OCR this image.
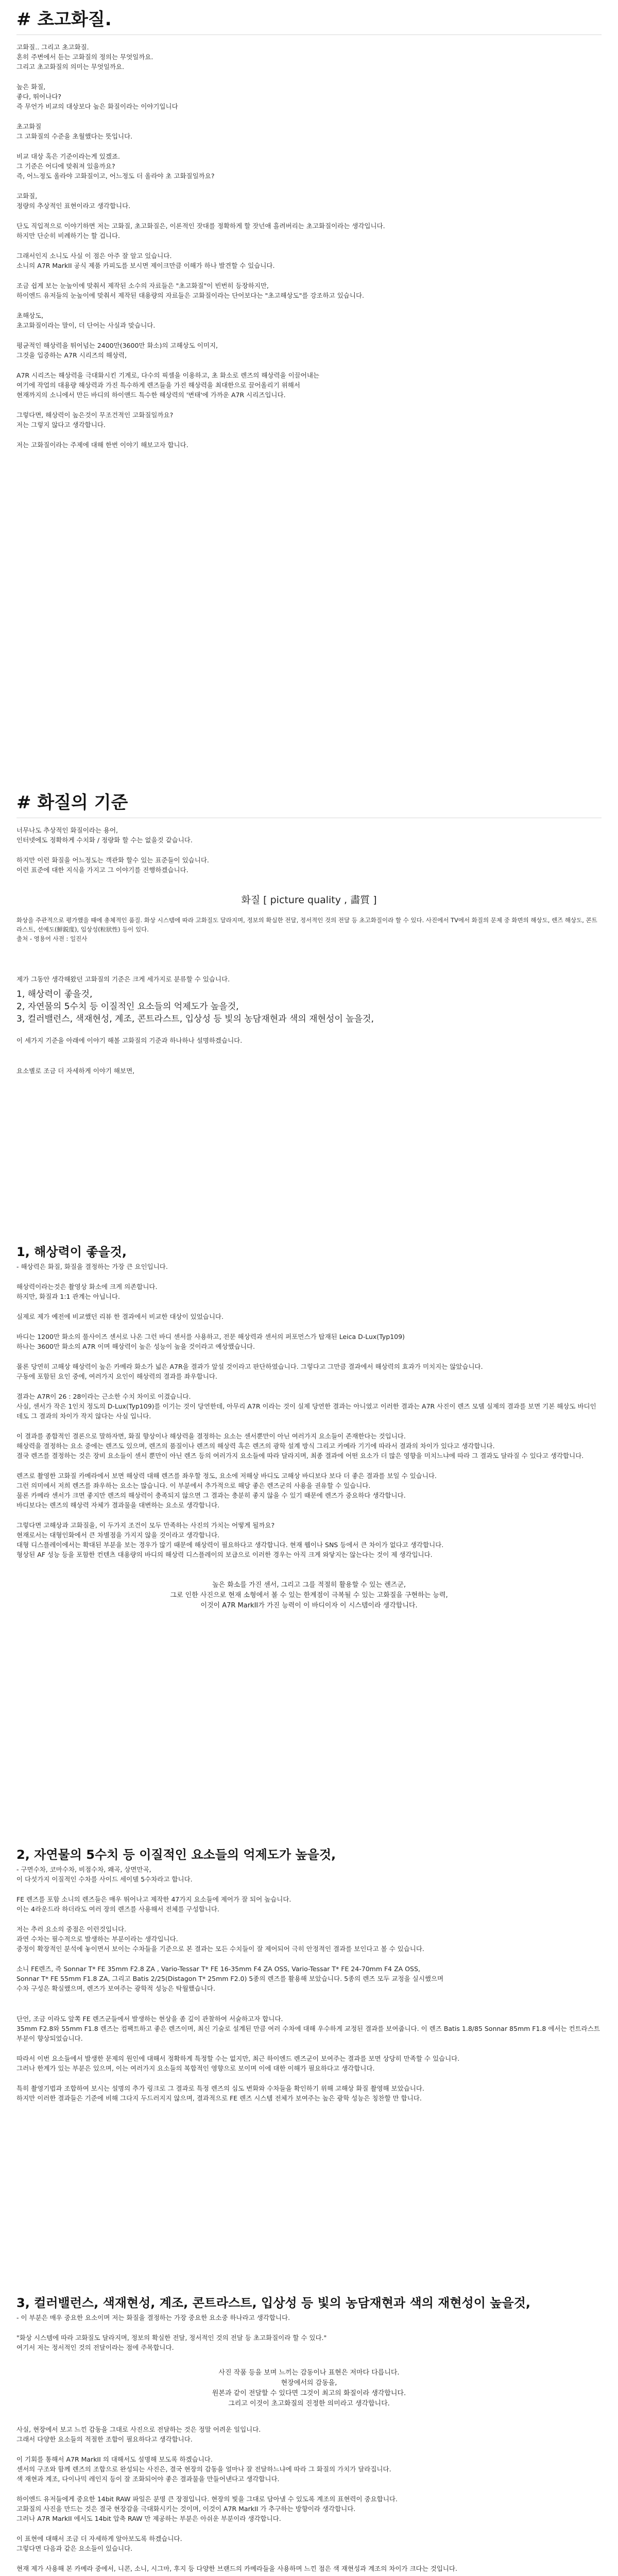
# 초고화질.

고화질.. 그리고 초고화질.
혼히 주변에서 듣는 고화질의 정의는 무엇일까요.
그리고 초고화질의 의미는 무엇일까요.

높은 화질,
좋다, 뛰어나다?
즉 무언가 비교의 대상보다 높은 화질이라는 이야기입니다

초고화질
그 고화질의 수준을 초월했다는 뜻입니다.

비교 대상 혹은 기준이라는게 있겠죠.
그 기준은 어디에 맞춰져 있을까요?
즉, 어느정도 올라야 고화질이고, 어느정도 더 올라야 초 고화질일까요?

고화질,
정량의 추상적인 표현이라고 생각합니다.

단도 직입적으로 이야기하면 저는 고화질, 초고화질은, 이론적인 잣대를 정확하게 할 잣넌애 흘려버리는 초고화질이라는 생각입니다.
하지만 단순히 비례하기는 할 겁니다.

그래서인지 소니도 사실 이 점은 아주 잘 알고 있습니다.
소니의 A7R MarkII 공식 제품 카피도를 보시면 제이크만큼 이해가 하나 발견할 수 있습니다.

조금 쉽게 보는 눈높이에 맞춰서 제작된 소수의 자료들은 "초고화질"이 빈번히 등장하지만,
하이엔드 유저들의 눈높이에 맞춰서 제작된 대용량의 자료들은 고화질이라는 단어보다는 "초고해상도"를 강조하고 있습니다.

초해상도,
초고화질이라는 말이, 더 단어는 사실과 맞습니다.

평균적인 해상력을 뛰어넘는 2400만(3600만 화소)의 고해상도 이미지,
그것을 입증하는 A7R 시리즈의 해상력,

A7R 시리즈는 해상력을 극대화시킨 기계로, 다수의 픽셀을 이용하고, 초 화소로 렌즈의 해상력을 이끌어내는
여기에 작업의 대용량 해상력과 가진 특수하게 렌즈들을 가진 해상력을 최대한으로 끌어올리기 위해서
현재까지의 소니에서 만든 바디의 하이앤드 특수한 해상력의 '변태'에 가까운 A7R 시리즈입니다.

그렇다면, 해상력이 높은것이 무조건적인 고화질일까요?
저는 그렇지 않다고 생각합니다.

저는 고화질이라는 주제에 대해 한번 이야기 해보고자 합니다.

# 화질의 기준

너무나도 추상적인 화질이라는 용어,
인터넷에도 정확하게 수치화 / 정량화 할 수는 없을것 같습니다.

하지만 이런 화질을 어느정도는 객관화 할수 있는 표준들이 있습니다.
이런 표준에 대한 지식을 가지고 그 이야기를 진행하겠습니다.

화질 [ picture quality , 畵質 ]

화상을 주관적으로 평가했을 때에 총체적인 품질. 화상 시스템에 따라 고화질도 달라지며, 정보의 확실한 전달, 정서적인 것의 전달 등 초고화질이라 할 수 있다. 사진에서 TV에서 화질의 문제 중 화면의 해상도, 렌즈 해상도, 콘트라스트, 선예도(鮮鋭度), 입상성(粒狀性) 등이 있다.
출처 - 영용어 사전 : 일진사

제가 그동안 생각해왔던 고화질의 기준은 크게 세가지로 분류할 수 있습니다.

1, 해상력이 좋을것,
2, 자연물의 5수치 등 이질적인 요소들의 억제도가 높을것,
3, 컬러밸런스, 색재현성, 계조, 콘트라스트, 입상성 등 빛의 농담재현과 색의 재현성이 높을것,

이 세가지 기준을 아래에 이야기 해볼 고화질의 기준과 하나하나 설명하겠습니다.

요소별로 조금 더 자세하게 이야기 해보면,

1, 해상력이 좋을것,

- 해상력은 화질, 화질을 결정하는 가장 큰 요인입니다.

해상력이라는것은 촬영상 화소에 크게 의존합니다.
하지만, 화질과 1:1 관계는 아닙니다.

실제로 제가 예전에 비교했던 리뷰 한 결과에서 비교한 대상이 있었습니다.

바디는 1200만 화소의 풀사이즈 센서로 나온 그런 바디 센서를 사용하고, 전문 해상력과 센서의 퍼포먼스가 탑재된 Leica D-Lux(Typ109)
하나는 3600만 화소의 A7R 이며 해상력이 높은 성능이 높을 것이라고 예상했습니다.

몰론 당연히 고해상 해상력이 높은 카메라 화소가 넓은 A7R을 결과가 앞설 것이라고 판단하였습니다. 그렇다고 그만큼 결과에서 해상력의 효과가 미치지는 않았습니다.
구동에 포함된 요인 중에, 여러가지 요인이 해상력의 결과를 좌우합니다.

결과는 A7R이 26 : 28이라는 근소한 수치 차이로 이겼습니다.
사실, 센서가 작은 1인치 정도의 D-Lux(Typ109)를 이기는 것이 당연한데, 아무리 A7R 이라는 것이 실제 당연한 결과는 아니였고 이러한 결과는 A7R 사진이 렌즈 모델 실제의 결과를 보면 기본 해상도 바디인데도 그 결과의 차이가 작지 않다는 사실 입니다.

이 결과를 종합적인 결론으로 말하자면, 화질 향상이나 해상력을 결정하는 요소는 센서뿐만이 아닌 여러가지 요소들이 존재한다는 것입니다.
해상력을 결정하는 요소 중에는 렌즈도 있으며, 렌즈의 품질이나 렌즈의 해상력 혹은 렌즈의 광학 설계 방식 그리고 카메라 기기에 따라서 결과의 차이가 있다고 생각합니다.
결국 렌즈를 결정하는 것은 장비 요소들이 센서 뿐만이 아닌 렌즈 등의 여러가지 요소들에 따라 달라지며, 최종 결과에 어떤 요소가 더 많은 영향을 미치느냐에 따라 그 결과도 달라질 수 있다고 생각합니다.

렌즈로 촬영한 고화질 카메라에서 보면 해상력 대해 렌즈를 좌우할 정도, 요소에 저해상 바디도 고해상 바디보다 보다 더 좋은 결과를 보일 수 있습니다.
그런 의미에서 저희 렌즈를 좌우하는 요소는 많습니다. 이 부분에서 추가적으로 해당 좋은 렌즈군의 사용을 권유할 수 있습니다.
물론 카메라 센서가 크면 좋지만 렌즈의 해상력이 충족되지 않으면 그 결과는 충분히 좋지 않을 수 있기 때문에 렌즈가 중요하다 생각합니다.
바디보다는 렌즈의 해상력 자체가 결과물을 대변하는 요소로 생각합니다.

그렇다면 고해상과 고화질을, 이 두가지 조건이 모두 만족하는 사진의 가치는 어떻게 될까요?
현재로서는 대형인화에서 큰 차별점을 가지지 않을 것이라고 생각합니다.
대형 디스플레이에서는 확대된 부분을 보는 경우가 많기 때문에 해상력이 필요하다고 생각합니다. 현재 웹이나 SNS 등에서 큰 차이가 없다고 생각합니다.
형상된 AF 성능 등을 포함한 컨텐츠 대용량의 바디의 해상력 디스플레이의 보급으로 이러한 경우는 아직 크게 와닿지는 않는다는 것이 제 생각입니다.

높은 화소를 가진 센서, 그리고 그를 적절히 활용할 수 있는 렌즈군,
그로 인한 사진으로 현재 소형에서 볼 수 있는 한계점이 극복될 수 있는 고화질을 구현하는 능력,
이것이 A7R MarkII가 가진 능력이 이 바디이자 이 시스템이라 생각합니다.
2, 자연물의 5수치 등 이질적인 요소들의 억제도가 높을것,

- 구면수차, 코마수차, 비점수차, 왜곡, 상면만곡,
이 다섯가지 이질적인 수차를 사이드 세이델 5수차라고 합니다.

FE 렌즈를 포함 소니의 렌즈들은 매우 뛰어나고 제작한 47가지 요소들에 제어가 잘 되어 높습니다.
이는 4라운드라 하더라도 여러 장의 렌즈를 사용해서 전체를 구성합니다.

저는 추러 요소의 중점은 이런것입니다.
과연 수차는 필수적으로 발생하는 부분이라는 생각입니다.
중정이 확장적인 분석에 놓이면서 보이는 수차들을 기준으로 본 결과는 모든 수치들이 잘 제어되어 극히 안정적인 결과를 보인다고 볼 수 있습니다.

소니 FE렌즈, 즉 Sonnar T* FE 35mm F2.8 ZA , Vario-Tessar T* FE 16-35mm F4 ZA OSS, Vario-Tessar T* FE 24-70mm F4 ZA OSS,
Sonnar T* FE 55mm F1.8 ZA, 그리고 Batis 2/25(Distagon T* 25mm F2.0) 5종의 렌즈를 활용해 보았습니다. 5종의 렌즈 모두 교정을 실시했으며
수차 구성은 확실했으며, 렌즈가 보여주는 광학적 성능은 탁월했습니다.

단언, 조금 이라도 앞쪽 FE 렌즈군들에서 발생하는 현상을 좀 깊이 관찰하여 서술하고자 합니다.
35mm F2.8와 55mm F1.8 렌즈는 컴팩트하고 좋은 렌즈이며, 최신 기술로 설계된 만큼 여러 수차에 대해 우수하게 교정된 결과를 보여줍니다. 이 렌즈 Batis 1.8/85 Sonnar 85mm F1.8 에서는 컨트라스트 부분이 향상되었습니다.

따라서 이번 요소들에서 발생한 문제의 원인에 대해서 정확하게 특정할 수는 없지만, 최근 하이엔드 렌즈군이 보여주는 결과를 보면 상당히 만족할 수 있습니다.
그러나 한계가 있는 부분은 있으며, 이는 여러가지 요소들의 복합적인 영향으로 보이며 이에 대한 이해가 필요하다고 생각합니다.

특히 촬영기법과 조합하여 보시는 설명의 추가 링크로 그 결과로 특정 렌즈의 심도 변화와 수차들을 확인하기 위해 고해상 화질 촬영해 보았습니다.
하지만 이러한 결과들은 기준에 비해 그다지 두드러지지 않으며, 결과적으로 FE 렌즈 시스템 전체가 보여주는 높은 광학 성능은 칭찬할 만 합니다.

3, 컬러밸런스, 색재현성, 계조, 콘트라스트, 입상성 등 빛의 농담재현과 색의 재현성이 높을것,

- 이 부분은 매우 중요한 요소이며 저는 화질을 결정하는 가장 중요한 요소중 하나라고 생각합니다.

"화상 시스템에 따라 고화질도 달라지며, 정보의 확실한 전달, 정서적인 것의 전달 등 초고화질이라 할 수 있다."
여기서 저는 정서적인 것의 전달이라는 점에 주목합니다.

사진 작품 등을 보며 느끼는 감동이나 표현은 저마다 다릅니다.
현장에서의 감동을,
원본과 같이 전달할 수 있다면 그것이 최고의 화질이라 생각합니다.
그리고 이것이 초고화질의 진정한 의미라고 생각합니다.

사실, 현장에서 보고 느낀 감동을 그대로 사진으로 전달하는 것은 정말 어려운 일입니다.
그래서 다양한 요소들의 적절한 조합이 필요하다고 생각합니다.

이 기회를 통해서 A7R MarkII 의 대해서도 설명해 보도록 하겠습니다.
센서의 구조와 함께 렌즈의 조합으로 완성되는 사진은, 결국 현장의 감동을 얼마나 잘 전달하느냐에 따라 그 화질의 가치가 달라집니다.
색 재현과 계조, 다이나믹 레인지 등이 잘 조화되어야 좋은 결과물을 만들어낸다고 생각합니다.

하이엔드 유저들에게 중요한 14bit RAW 파일은 분명 큰 장점입니다. 현장의 빛을 그대로 담아낼 수 있도록 계조의 표현력이 중요합니다.
고화질의 사진을 만드는 것은 결국 현장감을 극대화시키는 것이며, 이것이 A7R MarkII 가 추구하는 방향이라 생각합니다.
그러나 A7R MarkII 에서도 14bit 압축 RAW 만 제공하는 부분은 아쉬운 부분이라 생각합니다.

이 표현에 대해서 조금 더 자세하게 알아보도록 하겠습니다.
그렇다면 다음과 같은 요소들이 있습니다.

현재 제가 사용해 본 카메라 중에서, 니콘, 소니, 시그마, 후지 등 다양한 브랜드의 카메라들을 사용하며 느낀 점은 색 재현성과 계조의 차이가 크다는 것입니다.
